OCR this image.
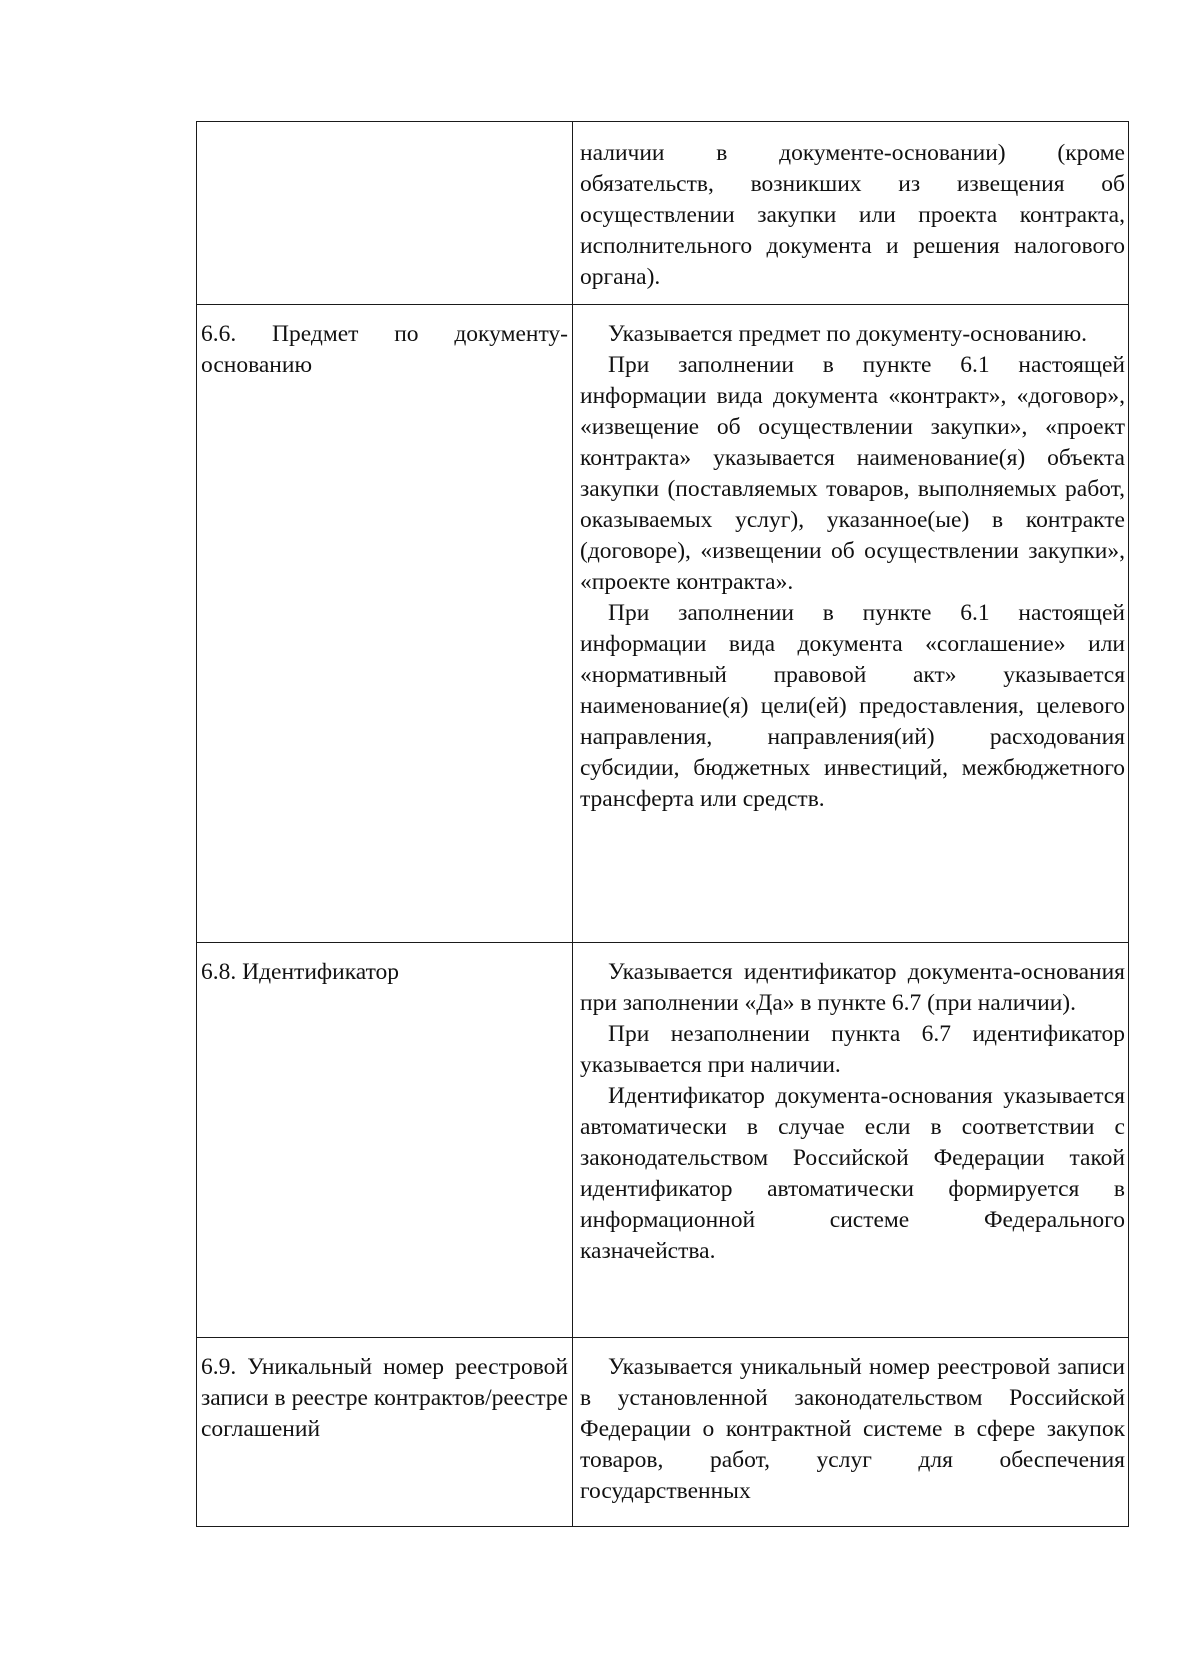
	наличии в документе-основании) (кроме обязательств, возникших из извещения об осуществлении закупки или проекта контракта, исполнительного документа и решения налогового органа).

6.6. Предмет по документу-основанию	Указывается предмет по документу-основанию.

При заполнении в пункте 6.1 настоящей информации вида документа «контракт», «договор», «извещение об осуществлении закупки», «проект контракта» указывается наименование(я) объекта закупки (поставляемых товаров, выполняемых работ, оказываемых услуг), указанное(ые) в контракте (договоре), «извещении об осуществлении закупки», «проекте контракта».

При заполнении в пункте 6.1 настоящей информации вида документа «соглашение» или «нормативный правовой акт» указывается наименование(я) цели(ей) предоставления, целевого направления, направления(ий) расходования субсидии, бюджетных инвестиций, межбюджетного трансферта или средств.

6.8. Идентификатор	Указывается идентификатор документа-основания при заполнении «Да» в пункте 6.7 (при наличии).

При незаполнении пункта 6.7 идентификатор указывается при наличии.

Идентификатор документа-основания указывается автоматически в случае если в соответствии с законодательством Российской Федерации такой идентификатор автоматически формируется в информационной системе Федерального казначейства.

6.9. Уникальный номер реестровой записи в реестре контрактов/реестре соглашений	Указывается уникальный номер реестровой записи в установленной законодательством Российской Федерации о контрактной системе в сфере закупок товаров, работ, услуг для обеспечения государственных
